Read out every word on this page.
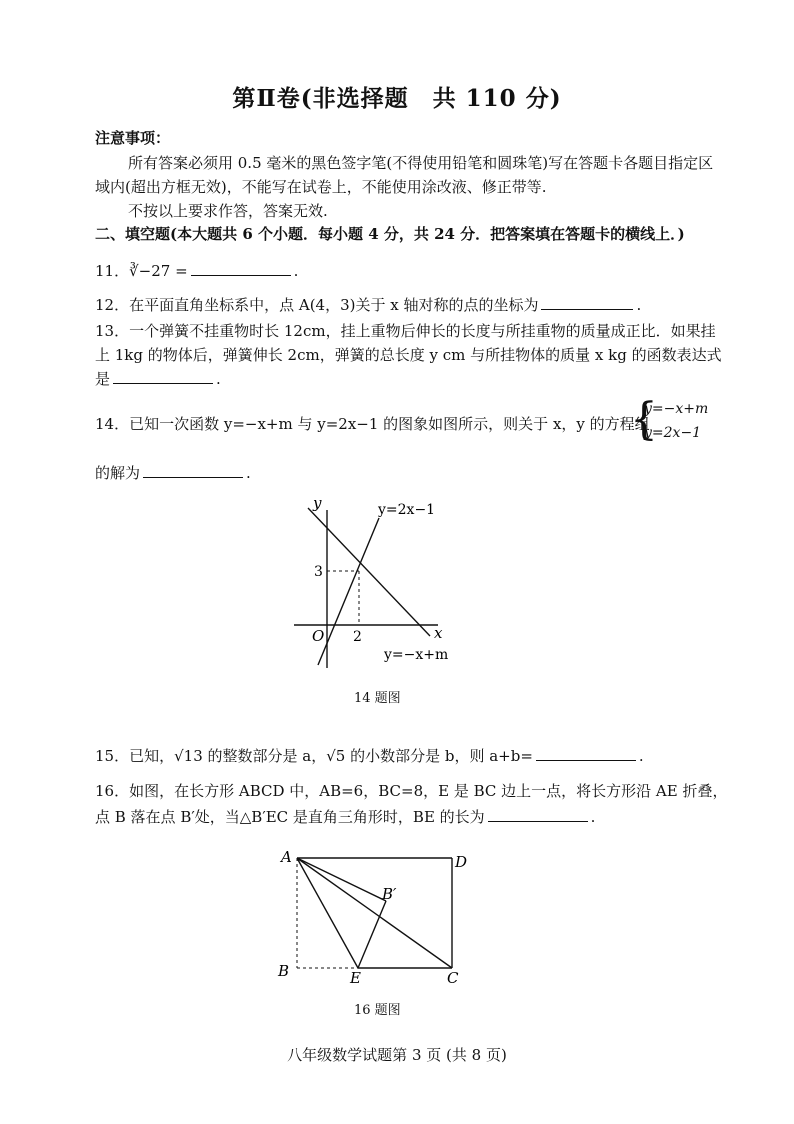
第Ⅱ卷(非选择题　共 110 分)
注意事项：
所有答案必须用 0.5 毫米的黑色签字笔(不得使用铅笔和圆珠笔)写在答题卡各题目指定区
域内(超出方框无效)，不能写在试卷上，不能使用涂改液、修正带等.
不按以上要求作答，答案无效.
二、填空题(本大题共 6 个小题．每小题 4 分，共 24 分．把答案填在答题卡的横线上．)
11．∛−27 =	.
12．在平面直角坐标系中，点 A(4，3)关于 x 轴对称的点的坐标为	.
13．一个弹簧不挂重物时长 12cm，挂上重物后伸长的长度与所挂重物的质量成正比．如果挂
上 1kg 的物体后，弹簧伸长 2cm，弹簧的总长度 y cm 与所挂物体的质量 x kg 的函数表达式
是	.
14．已知一次函数 y=−x+m 与 y=2x−1 的图象如图所示，则关于 x，y 的方程组
{
y=−x+m
y=2x−1
的解为	.
y
x
O
3
2
y=2x−1
y=−x+m
A	D
B	E	C
B′
14 题图
15．已知，√13 的整数部分是 a，√5 的小数部分是 b，则 a+b=	.
16．如图，在长方形 ABCD 中，AB=6，BC=8，E 是 BC 边上一点，将长方形沿 AE 折叠，
点 B 落在点 B′处，当△B′EC 是直角三角形时，BE 的长为	.
16 题图
八年级数学试题第 3 页 (共 8 页)
